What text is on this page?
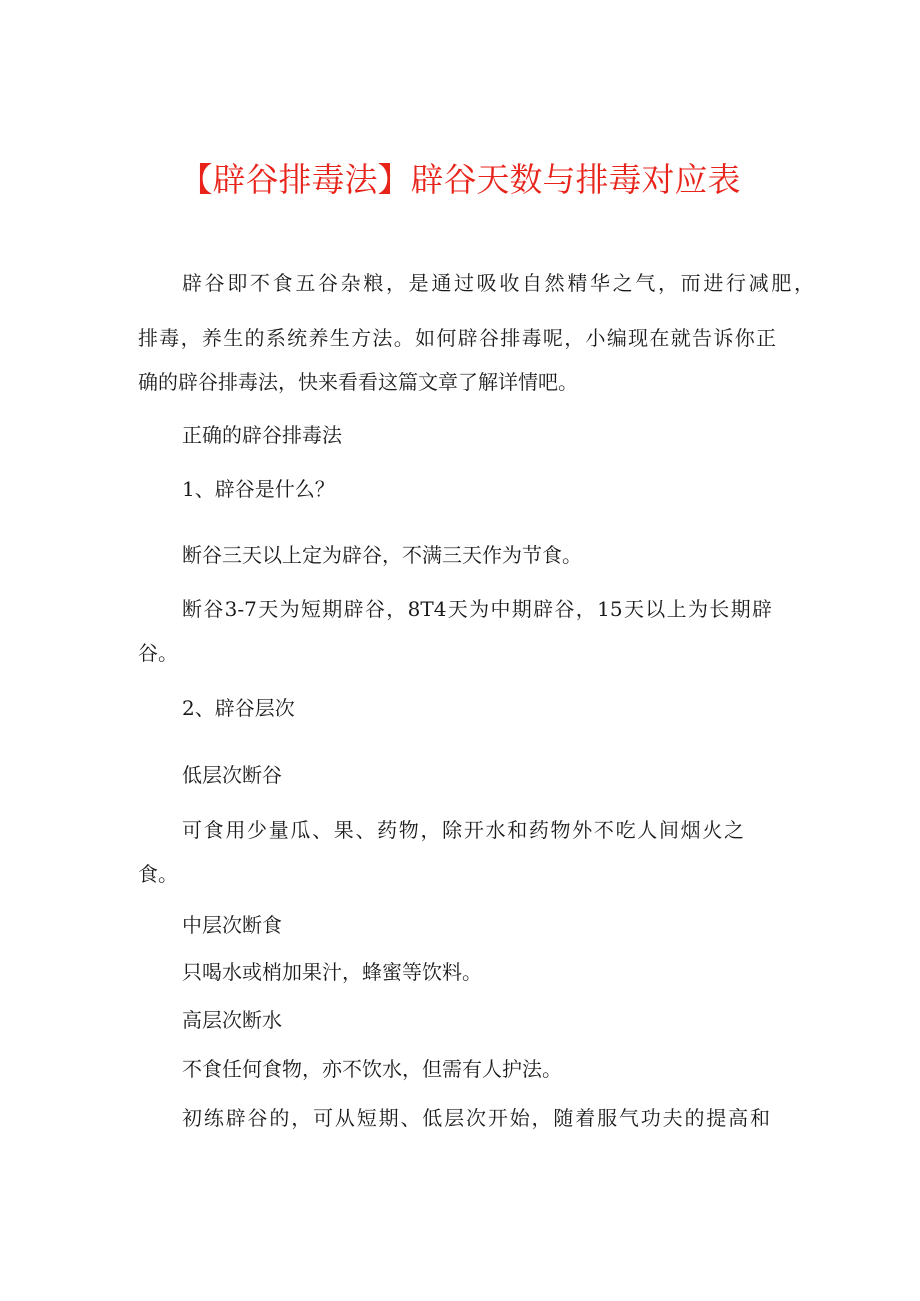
【辟谷排毒法】辟谷天数与排毒对应表
辟谷即不食五谷杂粮，是通过吸收自然精华之气，而进行减肥，
排毒，养生的系统养生方法。如何辟谷排毒呢，小编现在就告诉你正
确的辟谷排毒法，快来看看这篇文章了解详情吧。
正确的辟谷排毒法
1、辟谷是什么？
断谷三天以上定为辟谷，不满三天作为节食。
断谷3-7天为短期辟谷，8T4天为中期辟谷，15天以上为长期辟
谷。
2、辟谷层次
低层次断谷
可食用少量瓜、果、药物，除开水和药物外不吃人间烟火之
食。
中层次断食
只喝水或梢加果汁，蜂蜜等饮料。
高层次断水
不食任何食物，亦不饮水，但需有人护法。
初练辟谷的，可从短期、低层次开始，随着服气功夫的提高和
